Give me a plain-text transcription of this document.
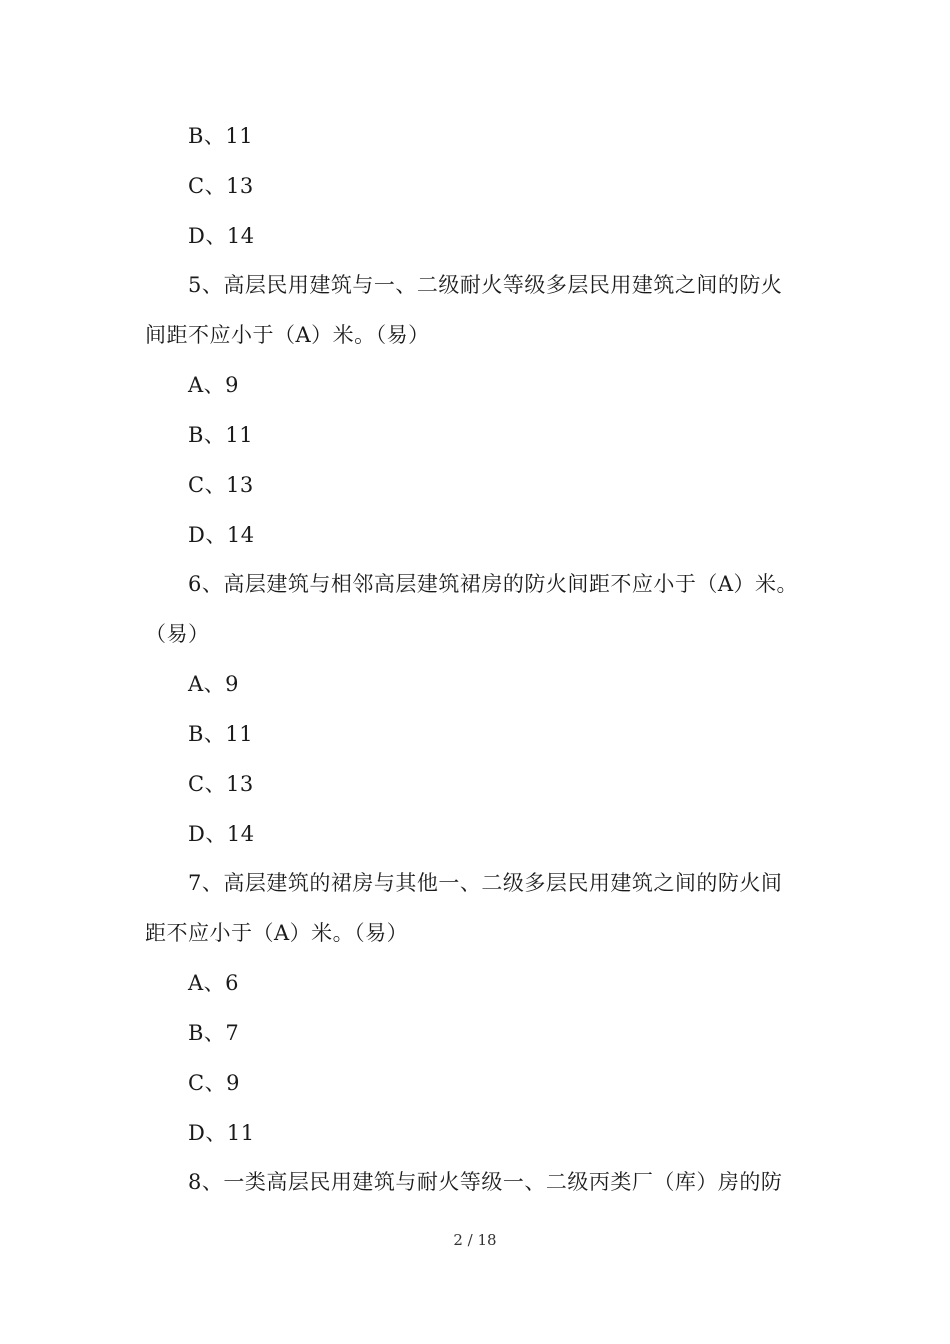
B、11
C、13
D、14
5、高层民用建筑与一、二级耐火等级多层民用建筑之间的防火
间距不应小于（A）米。（易）
A、9
B、11
C、13
D、14
6、高层建筑与相邻高层建筑裙房的防火间距不应小于（A）米。
（易）
A、9
B、11
C、13
D、14
7、高层建筑的裙房与其他一、二级多层民用建筑之间的防火间
距不应小于（A）米。（易）
A、6
B、7
C、9
D、11
8、一类高层民用建筑与耐火等级一、二级丙类厂（库）房的防
2 / 18
